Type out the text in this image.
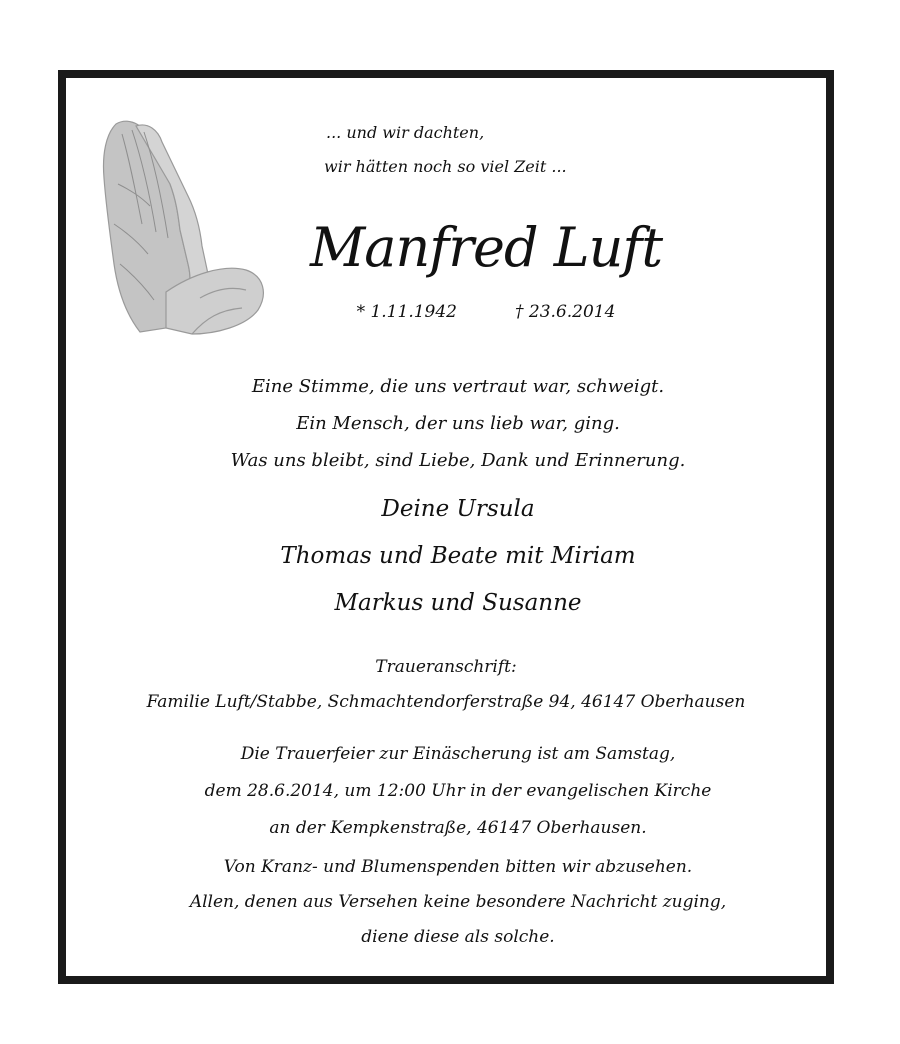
... und wir dachten,
wir hätten noch so viel Zeit ...
Manfred Luft
* 1.11.1942	† 23.6.2014
Eine Stimme, die uns vertraut war, schweigt.
Ein Mensch, der uns lieb war, ging.
Was uns bleibt, sind Liebe, Dank und Erinnerung.
Deine Ursula
Thomas und Beate mit Miriam
Markus und Susanne
Traueranschrift:
Familie Luft/Stabbe, Schmachtendorferstraße 94, 46147 Oberhausen
Die Trauerfeier zur Einäscherung ist am Samstag,
dem 28.6.2014, um 12:00 Uhr in der evangelischen Kirche
an der Kempkenstraße, 46147 Oberhausen.
Von Kranz- und Blumenspenden bitten wir abzusehen.
Allen, denen aus Versehen keine besondere Nachricht zuging,
diene diese als solche.
